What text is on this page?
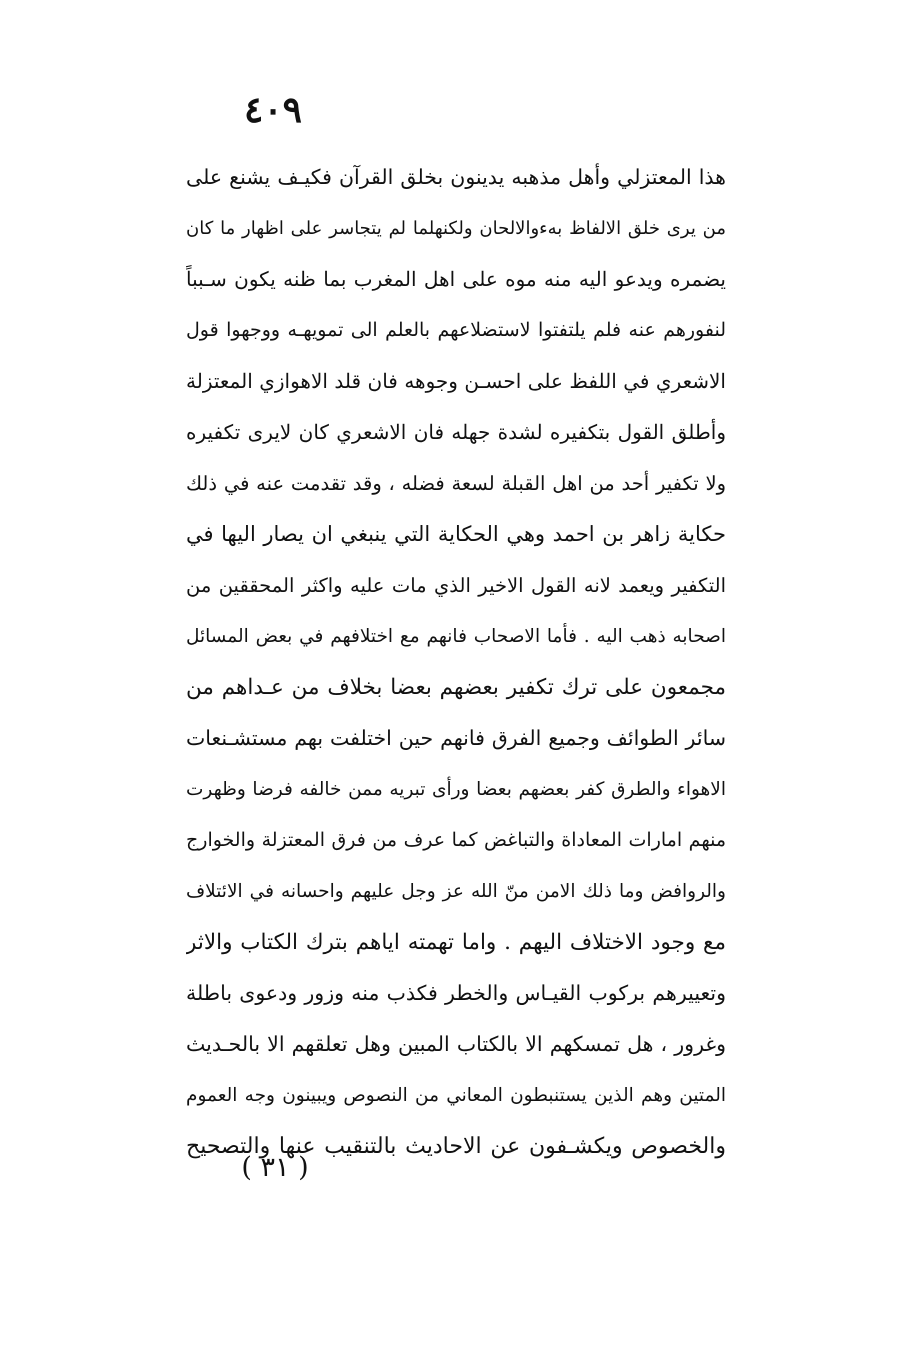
٤٠٩
هذا المعتزلي وأهل مذهبه يدينون بخلق القرآن فكيـف يشنع على
من يرى خلق الالفاظ بهءوالالحان ولكنهلما لم يتجاسر على اظهار ما كان
يضمره ويدعو اليه منه موه على اهل المغرب بما ظنه يكون سـبباً
لنفورهم عنه فلم يلتفتوا لاستضلاعهم بالعلم الى تمويهـه ووجهوا قول
الاشعري في اللفظ على احسـن وجوهه فان قلد الاهوازي المعتزلة
وأطلق القول بتكفيره لشدة جهله فان الاشعري كان لايرى تكفيره
ولا تكفير أحد من اهل القبلة لسعة فضله ، وقد تقدمت عنه في ذلك
حكاية زاهر بن احمد وهي الحكاية التي ينبغي ان يصار اليها في
التكفير ويعمد لانه القول الاخير الذي مات عليه واكثر المحققين من
اصحابه ذهب اليه . فأما الاصحاب فانهم مع اختلافهم في بعض المسائل
مجمعون على ترك تكفير بعضهم بعضا بخلاف من عـداهم من
سائر الطوائف وجميع الفرق فانهم حين اختلفت بهم مستشـنعات
الاهواء والطرق كفر بعضهم بعضا ورأى تبريه ممن خالفه فرضا وظهرت
منهم امارات المعاداة والتباغض كما عرف من فرق المعتزلة والخوارج
والروافض وما ذلك الامن منّ الله عز وجل عليهم واحسانه في الائتلاف
مع وجود الاختلاف اليهم . واما تهمته اياهم بترك الكتاب والاثر
وتعييرهم بركوب القيـاس والخطر فكذب منه وزور ودعوى باطلة
وغرور ، هل تمسكهم الا بالكتاب المبين وهل تعلقهم الا بالحـديث
المتين وهم الذين يستنبطون المعاني من النصوص ويبينون وجه العموم
والخصوص ويكشـفون عن الاحاديث بالتنقيب عنها والتصحيح
( ٣١ )
